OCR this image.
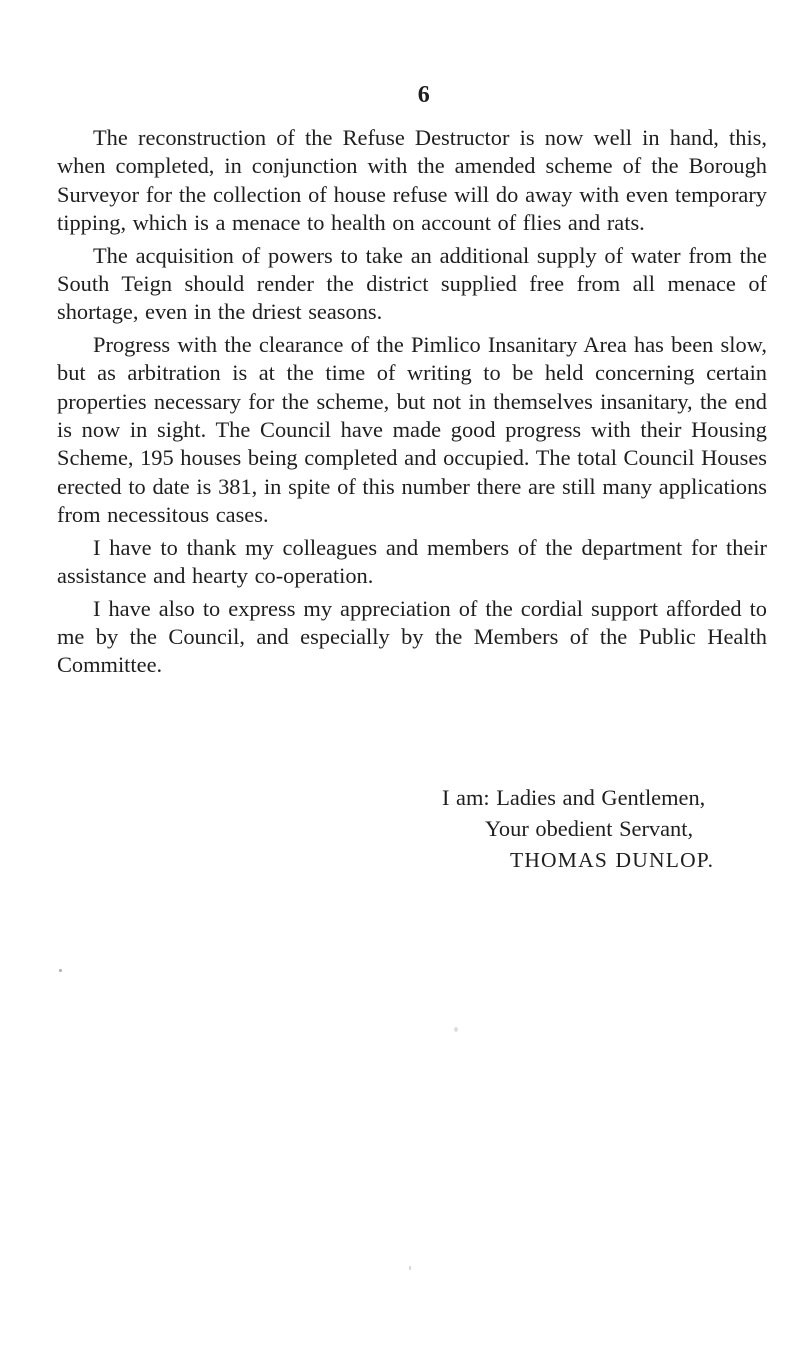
6

The reconstruction of the Refuse Destructor is now well in hand, this, when completed, in conjunction with the amended scheme of the Borough Surveyor for the collection of house refuse will do away with even temporary tipping, which is a menace to health on account of flies and rats.

The acquisition of powers to take an additional supply of water from the South Teign should render the district supplied free from all menace of shortage, even in the driest seasons.

Progress with the clearance of the Pimlico Insanitary Area has been slow, but as arbitration is at the time of writing to be held concerning certain properties necessary for the scheme, but not in themselves insanitary, the end is now in sight. The Council have made good progress with their Housing Scheme, 195 houses being completed and occupied. The total Council Houses erected to date is 381, in spite of this number there are still many applications from necessitous cases.

I have to thank my colleagues and members of the department for their assistance and hearty co-operation.

I have also to express my appreciation of the cordial support afforded to me by the Council, and especially by the Members of the Public Health Committee.

I am: Ladies and Gentlemen,
Your obedient Servant,
THOMAS DUNLOP.
